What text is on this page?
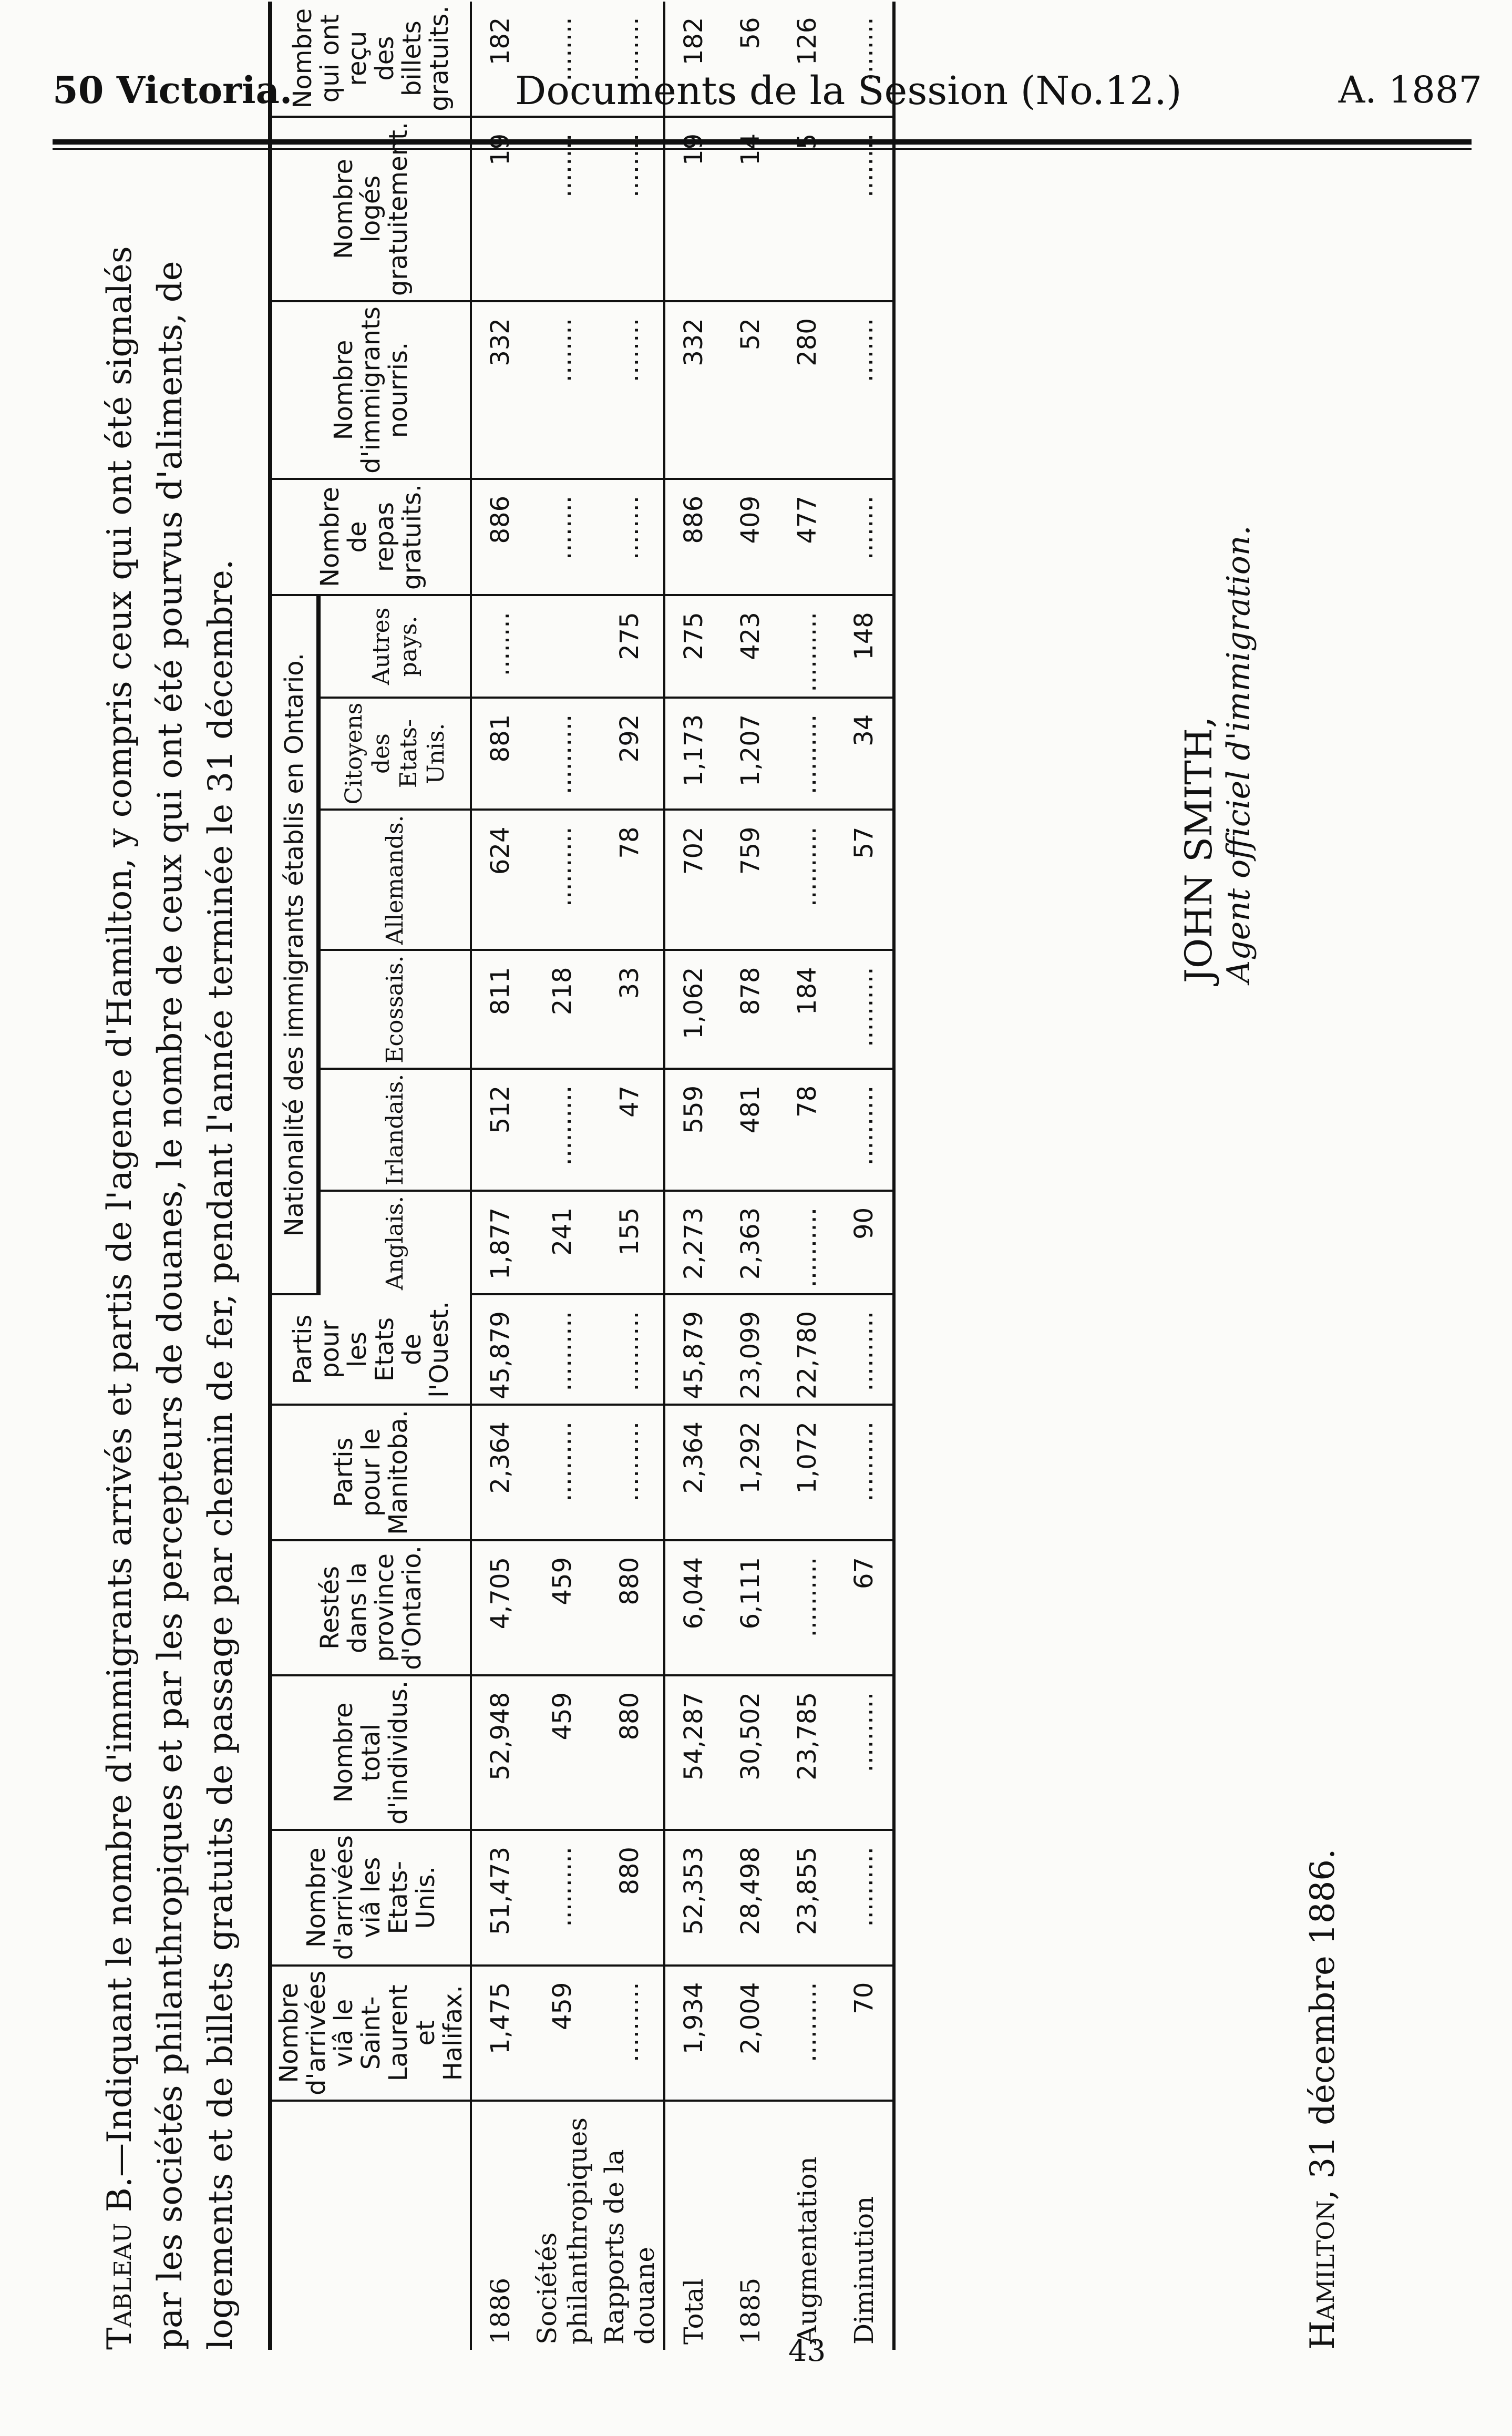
50 Victoria.	Documents de la Session (No.12.)	A. 1887
Tableau B.—Indiquant le nombre d'immigrants arrivés et partis de l'agence d'Hamilton, y compris ceux qui ont été signalés par les sociétés philanthropiques et par les percepteurs de douanes, le nombre de ceux qui ont été pourvus d'aliments, de logements et de billets gratuits de passage par chemin de fer, pendant l'année terminée le 31 décembre.
	Nombre d'arrivées viâ le Saint-Laurent et Halifax.	Nombre d'arrivées viâ les Etats-Unis.	Nombre total d'individus.	Restés dans la province d'Ontario.	Partis pour le Manitoba.	Partis pour les Etats de l'Ouest.	Nationalité des immigrants établis en Ontario.						Nombre de repas gratuits.	Nombre d'immigrants nourris.	Nombre logés gratuitement.	Nombre qui ont reçu des billets gratuits.
							Anglais.	Irlandais.	Ecossais.	Allemands.	Citoyens des Etats-Unis.	Autres pays.				
1886	1,475	51,473	52,948	4,705	2,364	45,879	1,877	512	811	624	881	........	886	332	19	182
Sociétés philanthropiques	459	..........	459	459	..........	..........	241	..........	218	..........	..........		........	........	........	........
Rapports de la douane	..........	880	880	880	..........	..........	155	47	33	78	292	275	........	........	........	........
Total	1,934	52,353	54,287	6,044	2,364	45,879	2,273	559	1,062	702	1,173	275	886	332	19	182
1885	2,004	28,498	30,502	6,111	1,292	23,099	2,363	481	878	759	1,207	423	409	52	14	56
Augmentation	..........	23,855	23,785	..........	1,072	22,780	..........	78	184	..........	..........	..........	477	280	5	126
Diminution	70	..........	..........	67	..........	..........	90	..........	..........	57	34	148	........	........	........	........
JOHN SMITH, Agent officiel d'immigration.
Hamilton, 31 décembre 1886.
43
